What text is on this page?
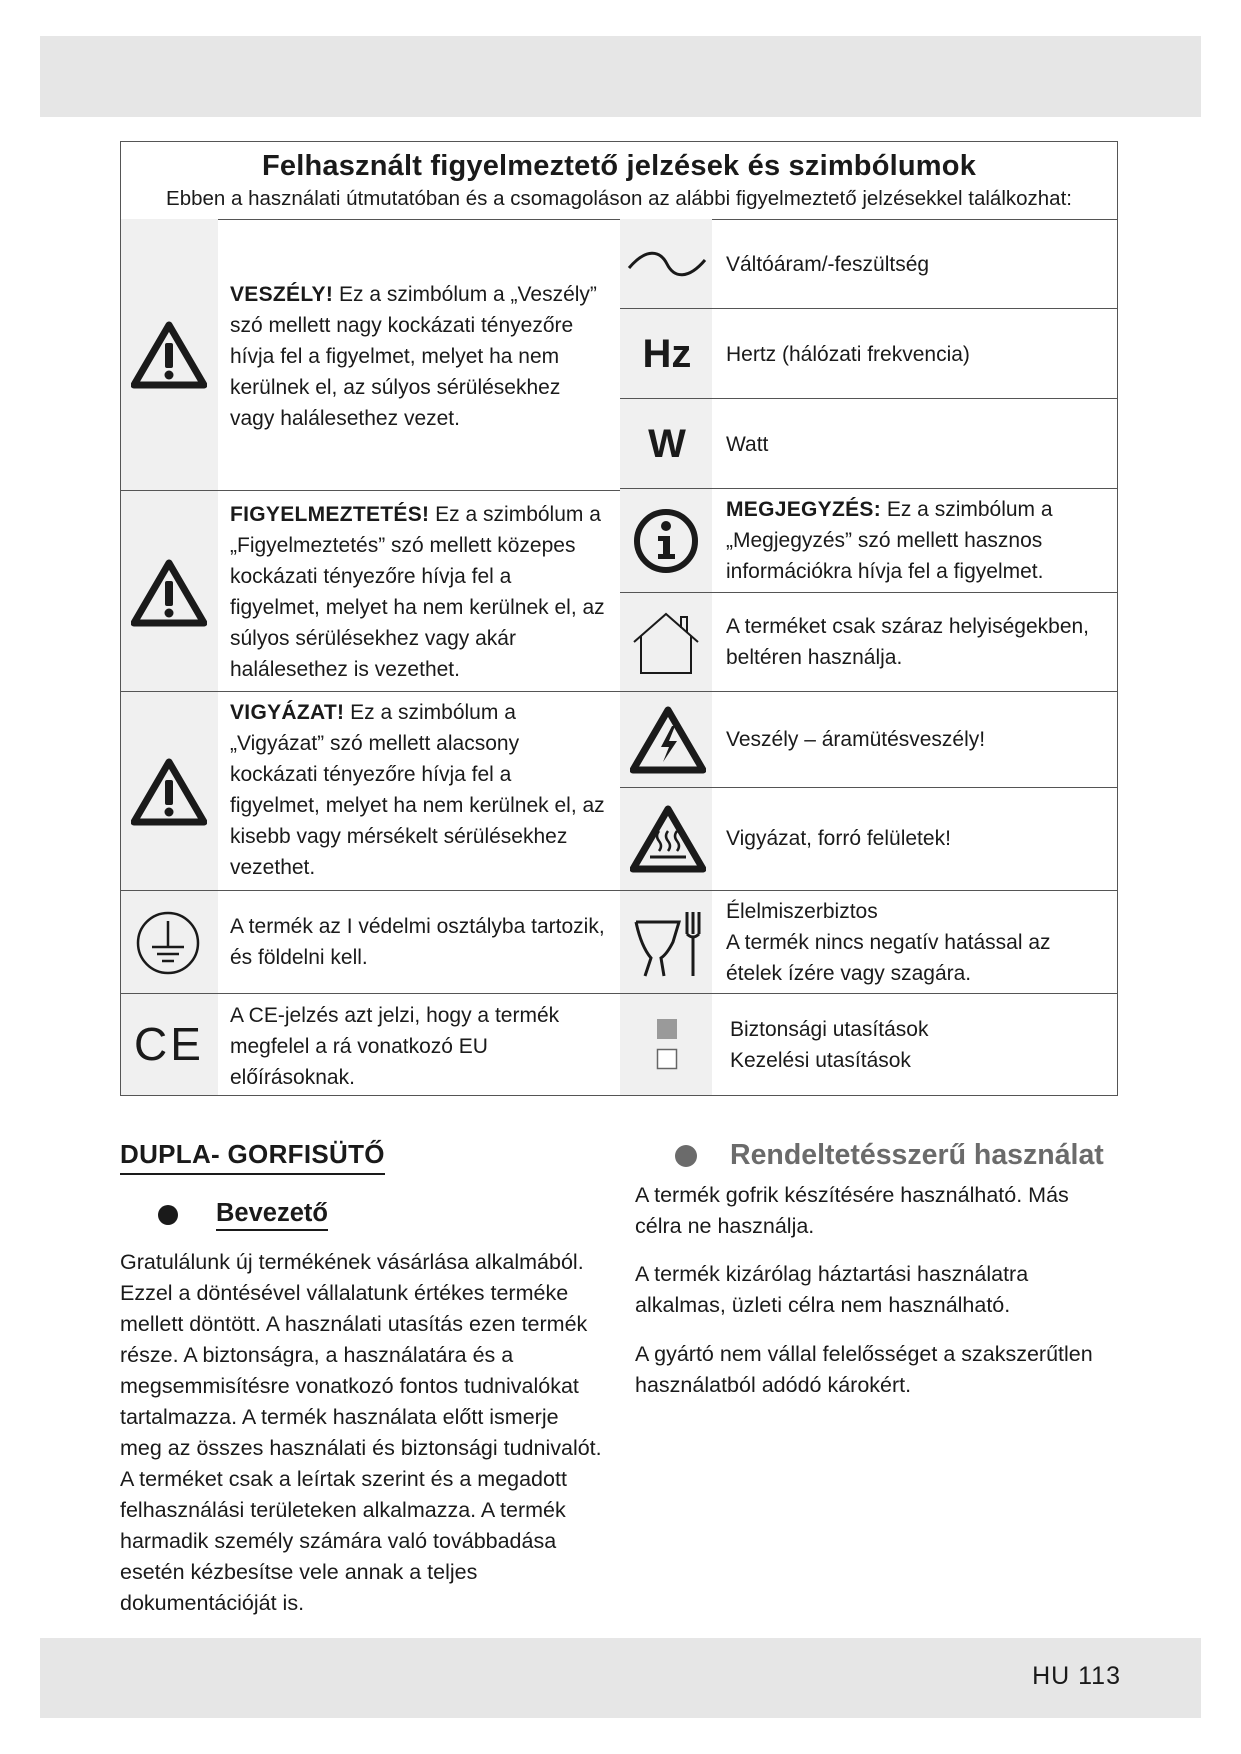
Felhasznált figyelmeztető jelzések és szimbólumok
Ebben a használati útmutatóban és a csomagoláson az alábbi figyelmeztető jelzésekkel találkozhat:
VESZÉLY! Ez a szimbólum a „Veszély” szó mellett nagy kockázati tényezőre hívja fel a figyelmet, melyet ha nem kerülnek el, az súlyos sérülésekhez vagy halálesethez vezet.
FIGYELMEZTETÉS! Ez a szimbólum a „Figyelmeztetés” szó mellett közepes kockázati tényezőre hívja fel a figyelmet, melyet ha nem kerülnek el, az súlyos sérülésekhez vagy akár halálesethez is vezethet.
VIGYÁZAT! Ez a szimbólum a „Vigyázat” szó mellett alacsony kockázati tényezőre hívja fel a figyelmet, melyet ha nem kerülnek el, az kisebb vagy mérsékelt sérülésekhez vezethet.
A termék az I védelmi osztályba tartozik, és földelni kell.
CE
A CE-jelzés azt jelzi, hogy a termék megfelel a rá vonatkozó EU előírásoknak.
Váltóáram/-feszültség
Hz	Hertz (hálózati frekvencia)
W	Watt
MEGJEGYZÉS: Ez a szimbólum a „Megjegyzés” szó mellett hasznos információkra hívja fel a figyelmet.
A terméket csak száraz helyiségekben, beltéren használja.
Veszély – áramütésveszély!
Vigyázat, forró felületek!
Élelmiszerbiztos
A termék nincs negatív hatással az ételek ízére vagy szagára.
Biztonsági utasítások
Kezelési utasítások
DUPLA- GORFISÜTŐ
Bevezető

Gratulálunk új termékének vásárlása alkalmából. Ezzel a döntésével vállalatunk értékes terméke mellett döntött. A használati utasítás ezen termék része. A biztonságra, a használatára és a megsemmisítésre vonatkozó fontos tudnivalókat tartalmazza. A termék használata előtt ismerje meg az összes használati és biztonsági tudnivalót. A terméket csak a leírtak szerint és a megadott felhasználási területeken alkalmazza. A termék harmadik személy számára való továbbadása esetén kézbesítse vele annak a teljes dokumentációját is.

Rendeltetésszerű használat

A termék gofrik készítésére használható. Más célra ne használja.

A termék kizárólag háztartási használatra alkalmas, üzleti célra nem használható.

A gyártó nem vállal felelősséget a szakszerűtlen használatból adódó károkért.

HU 113
